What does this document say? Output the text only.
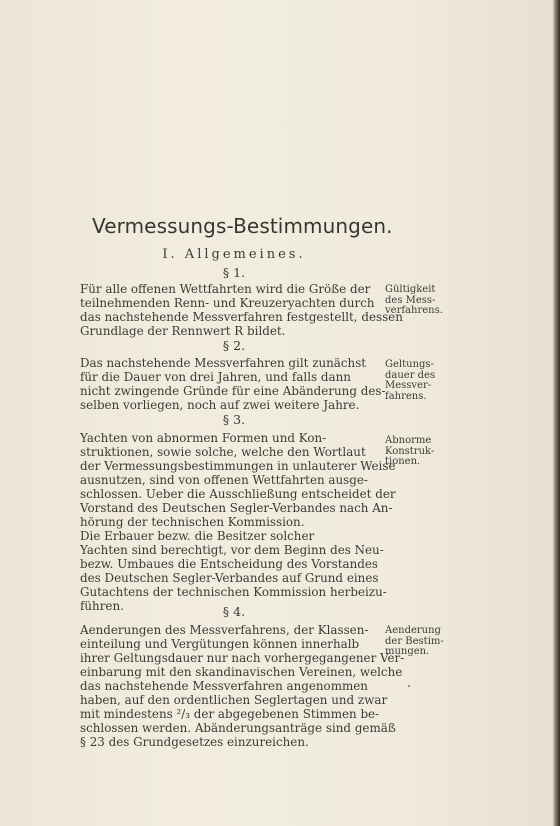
Vermessungs-Bestimmungen.
I. Allgemeines.
§ 1.
Für alle offenen Wettfahrten wird die Größe der
teilnehmenden Renn- und Kreuzeryachten durch
das nachstehende Messverfahren festgestellt, dessen
Grundlage der Rennwert R bildet.
Gültigkeit
des Mess-
verfahrens.
§ 2.
Das nachstehende Messverfahren gilt zunächst
für die Dauer von drei Jahren, und falls dann
nicht zwingende Gründe für eine Abänderung des-
selben vorliegen, noch auf zwei weitere Jahre.
Geltungs-
dauer des
Messver-
fahrens.
§ 3.
Yachten von abnormen Formen und Kon-
struktionen, sowie solche, welche den Wortlaut
der Vermessungsbestimmungen in unlauterer Weise
ausnutzen, sind von offenen Wettfahrten ausge-
schlossen. Ueber die Ausschließung entscheidet der
Vorstand des Deutschen Segler-Verbandes nach An-
hörung der technischen Kommission.
Die Erbauer bezw. die Besitzer solcher
Yachten sind berechtigt, vor dem Beginn des Neu-
bezw. Umbaues die Entscheidung des Vorstandes
des Deutschen Segler-Verbandes auf Grund eines
Gutachtens der technischen Kommission herbeizu-
führen.
Abnorme
Konstruk-
tionen.
§ 4.
Aenderungen des Messverfahrens, der Klassen-
einteilung und Vergütungen können innerhalb
ihrer Geltungsdauer nur nach vorhergegangener Ver-
einbarung mit den skandinavischen Vereinen, welche
das nachstehende Messverfahren angenommen
haben, auf den ordentlichen Seglertagen und zwar
mit mindestens ²/₃ der abgegebenen Stimmen be-
schlossen werden. Abänderungsanträge sind gemäß
§ 23 des Grundgesetzes einzureichen.
Aenderung
der Bestim-
mungen.
